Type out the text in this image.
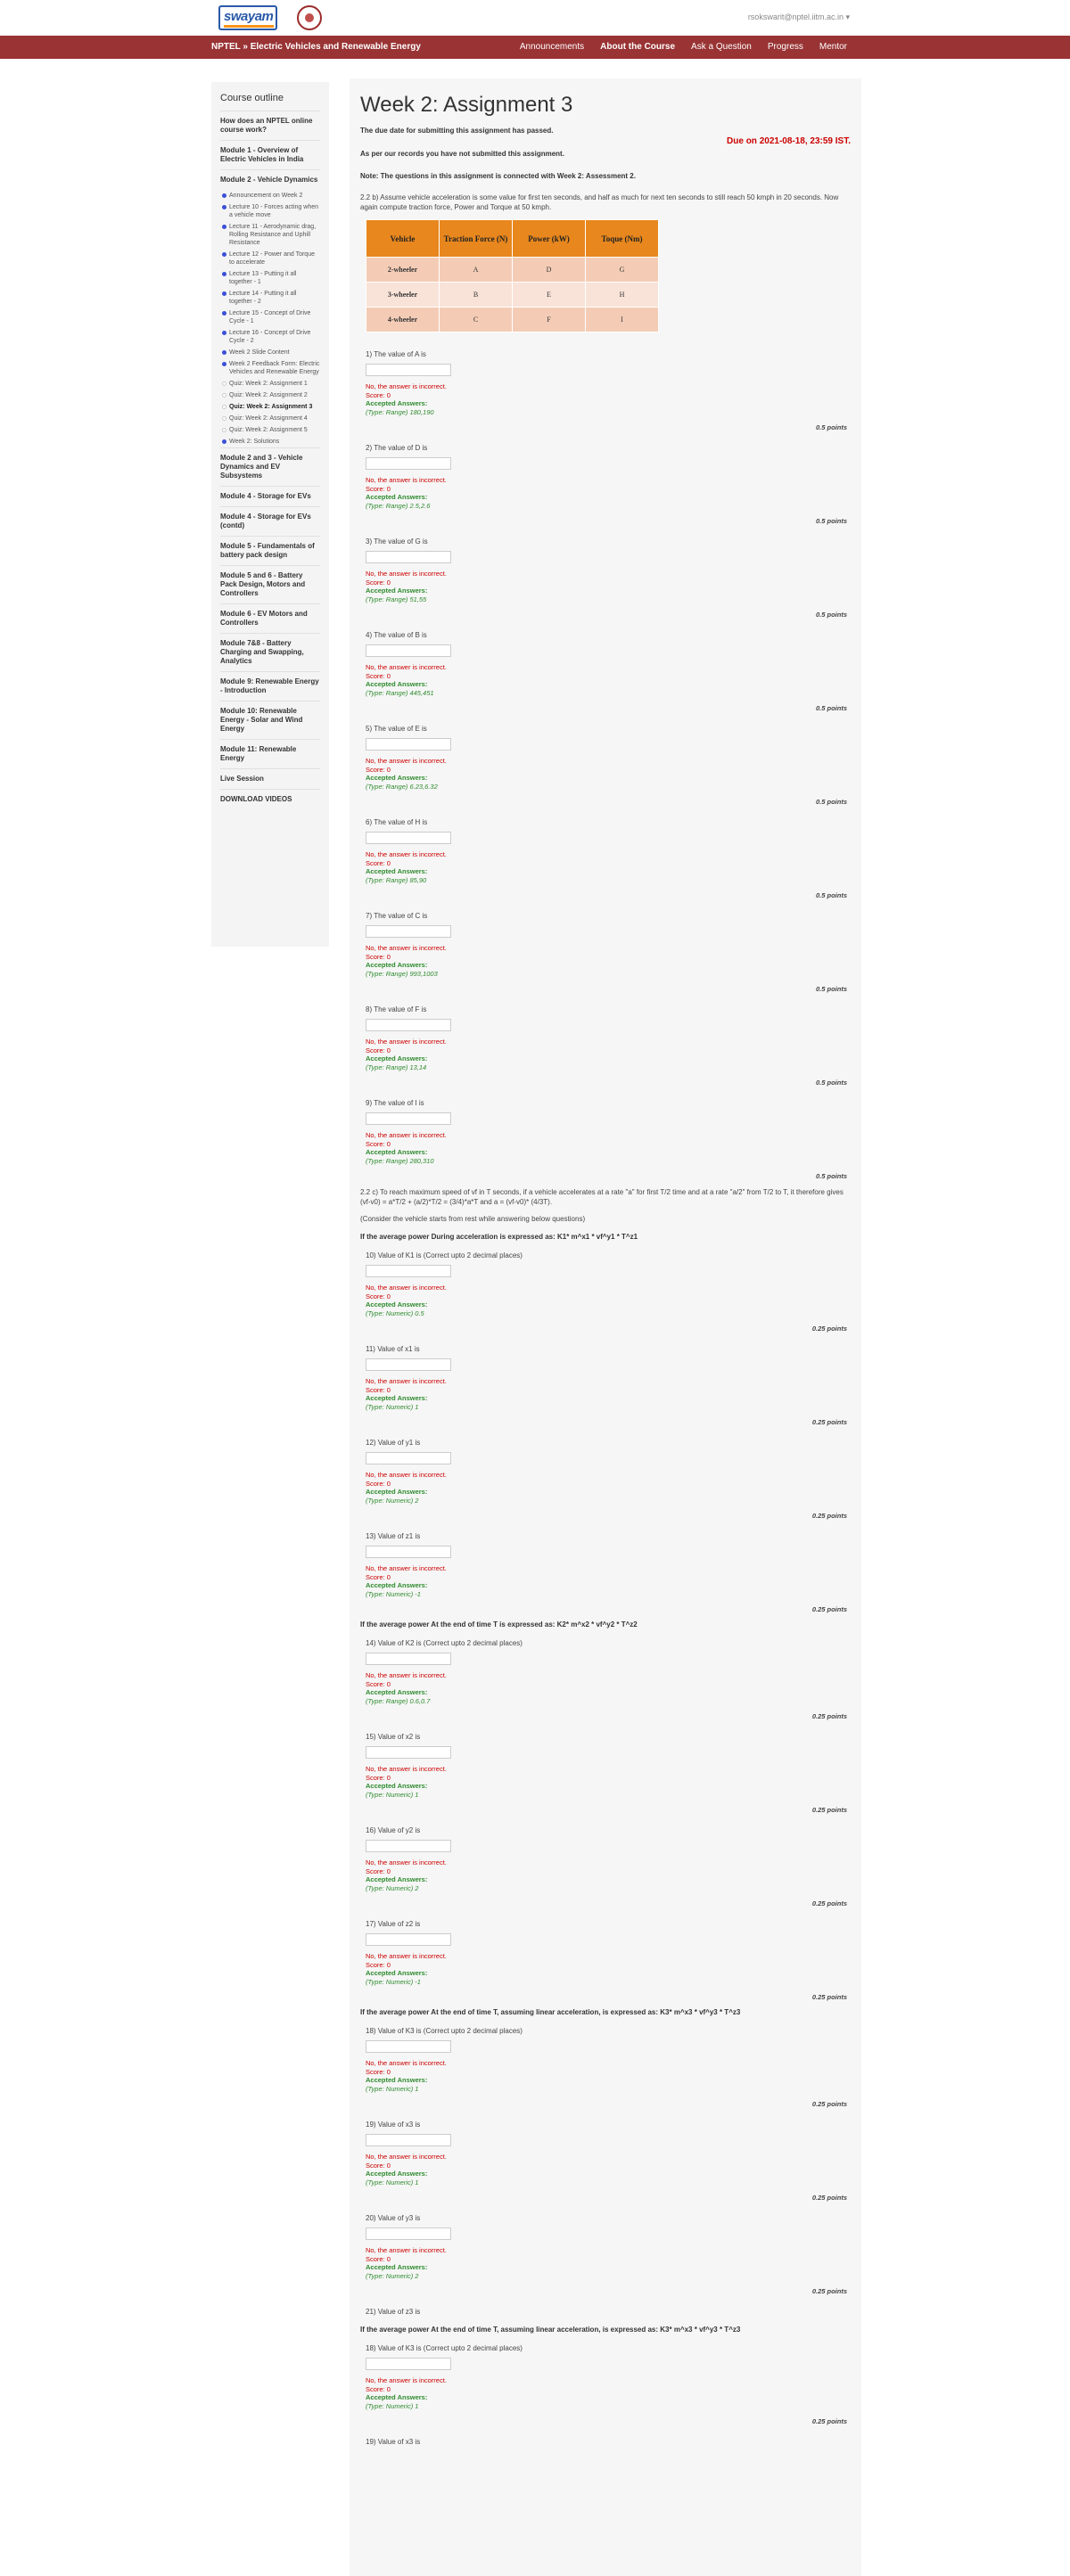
swayam	rsokswarit@nptel.iitm.ac.in ▾
NPTEL » Electric Vehicles and Renewable Energy	Announcements About the Course Ask a Question Progress Mentor
Course outline
How does an NPTEL online course work?
Module 1 - Overview of Electric Vehicles in India
Module 2 - Vehicle Dynamics
Announcement on Week 2
Lecture 10 - Forces acting when a vehicle move
Lecture 11 - Aerodynamic drag, Rolling Resistance and Uphill Resistance
Lecture 12 - Power and Torque to accelerate
Lecture 13 - Putting it all together - 1
Lecture 14 - Putting it all together - 2
Lecture 15 - Concept of Drive Cycle - 1
Lecture 16 - Concept of Drive Cycle - 2
Week 2 Slide Content
Week 2 Feedback Form: Electric Vehicles and Renewable Energy
Quiz: Week 2: Assignment 1
Quiz: Week 2: Assignment 2
Quiz: Week 2: Assignment 3
Quiz: Week 2: Assignment 4
Quiz: Week 2: Assignment 5
Week 2: Solutions
Module 2 and 3 - Vehicle Dynamics and EV Subsystems
Module 4 - Storage for EVs
Module 4 - Storage for EVs (contd)
Module 5 - Fundamentals of battery pack design
Module 5 and 6 - Battery Pack Design, Motors and Controllers
Module 6 - EV Motors and Controllers
Module 7&8 - Battery Charging and Swapping, Analytics
Module 9: Renewable Energy - Introduction
Module 10: Renewable Energy - Solar and Wind Energy
Module 11: Renewable Energy
Live Session
DOWNLOAD VIDEOS
Week 2: Assignment 3
The due date for submitting this assignment has passed.
Due on 2021-08-18, 23:59 IST.
As per our records you have not submitted this assignment.
Note: The questions in this assignment is connected with Week 2: Assessment 2.
2.2 b) Assume vehicle acceleration is some value for first ten seconds, and half as much for next ten seconds to still reach 50 kmph in 20 seconds. Now again compute traction force, Power and Torque at 50 kmph.
Vehicle	Traction Force (N)	Power (kW)	Toque (Nm)
2-wheeler	A	D	G
3-wheeler	B	E	H
4-wheeler	C	F	I
1) The value of A is
No, the answer is incorrect.
Score: 0
Accepted Answers:
(Type: Range) 180,190
0.5 points
2) The value of D is
No, the answer is incorrect.
Score: 0
Accepted Answers:
(Type: Range) 2.5,2.6
0.5 points
3) The value of G is
No, the answer is incorrect.
Score: 0
Accepted Answers:
(Type: Range) 51,55
0.5 points
4) The value of B is
No, the answer is incorrect.
Score: 0
Accepted Answers:
(Type: Range) 445,451
0.5 points
5) The value of E is
No, the answer is incorrect.
Score: 0
Accepted Answers:
(Type: Range) 6.23,6.32
0.5 points
6) The value of H is
No, the answer is incorrect.
Score: 0
Accepted Answers:
(Type: Range) 85,90
0.5 points
7) The value of C is
No, the answer is incorrect.
Score: 0
Accepted Answers:
(Type: Range) 993,1003
0.5 points
8) The value of F is
No, the answer is incorrect.
Score: 0
Accepted Answers:
(Type: Range) 13,14
0.5 points
9) The value of I is
No, the answer is incorrect.
Score: 0
Accepted Answers:
(Type: Range) 280,310
0.5 points
2.2 c) To reach maximum speed of vf in T seconds, if a vehicle accelerates at a rate "a" for first T/2 time and at a rate "a/2" from T/2 to T, it therefore gives (vf-v0) = a*T/2 + (a/2)*T/2 = (3/4)*a*T and a = (vf-v0)* (4/3T).
(Consider the vehicle starts from rest while answering below questions)
If the average power During acceleration is expressed as: K1* m^x1 * vf^y1 * T^z1
10) Value of K1 is (Correct upto 2 decimal places)
No, the answer is incorrect.
Score: 0
Accepted Answers:
(Type: Numeric) 0.5
0.25 points
11) Value of x1 is
No, the answer is incorrect.
Score: 0
Accepted Answers:
(Type: Numeric) 1
0.25 points
12) Value of y1 is
No, the answer is incorrect.
Score: 0
Accepted Answers:
(Type: Numeric) 2
0.25 points
13) Value of z1 is
No, the answer is incorrect.
Score: 0
Accepted Answers:
(Type: Numeric) -1
0.25 points
If the average power At the end of time T is expressed as: K2* m^x2 * vf^y2 * T^z2
14) Value of K2 is (Correct upto 2 decimal places)
No, the answer is incorrect.
Score: 0
Accepted Answers:
(Type: Range) 0.6,0.7
0.25 points
15) Value of x2 is
No, the answer is incorrect.
Score: 0
Accepted Answers:
(Type: Numeric) 1
0.25 points
16) Value of y2 is
No, the answer is incorrect.
Score: 0
Accepted Answers:
(Type: Numeric) 2
0.25 points
17) Value of z2 is
No, the answer is incorrect.
Score: 0
Accepted Answers:
(Type: Numeric) -1
0.25 points
If the average power At the end of time T, assuming linear acceleration, is expressed as: K3* m^x3 * vf^y3 * T^z3
18) Value of K3 is (Correct upto 2 decimal places)
No, the answer is incorrect.
Score: 0
Accepted Answers:
(Type: Numeric) 1
0.25 points
19) Value of x3 is
No, the answer is incorrect.
Score: 0
Accepted Answers:
(Type: Numeric) 1
0.25 points
20) Value of y3 is
No, the answer is incorrect.
Score: 0
Accepted Answers:
(Type: Numeric) 2
0.25 points
21) Value of z3 is
If the average power At the end of time T, assuming linear acceleration, is expressed as: K3* m^x3 * vf^y3 * T^z3
18) Value of K3 is (Correct upto 2 decimal places)
No, the answer is incorrect.
Score: 0
Accepted Answers:
(Type: Numeric) 1
0.25 points
19) Value of x3 is
